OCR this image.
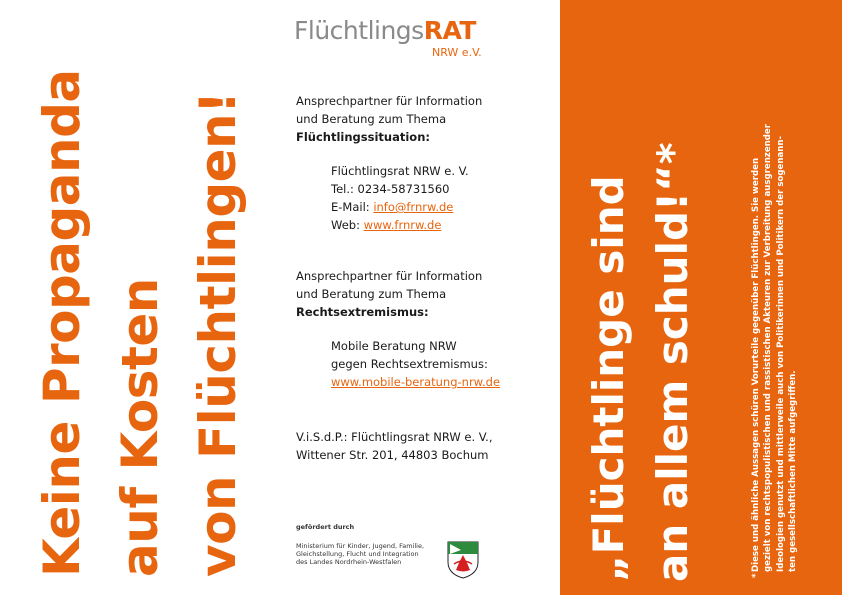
Keine Propaganda auf Kosten von Flüchtlingen!
FlüchtlingsRAT
NRW e.V.
Ansprechpartner für Information
und Beratung zum Thema
Flüchtlingssituation:
Flüchtlingsrat NRW e. V.
Tel.: 0234-58731560
E-Mail: info@frnrw.de
Web: www.frnrw.de
Ansprechpartner für Information
und Beratung zum Thema
Rechtsextremismus:
Mobile Beratung NRW
gegen Rechtsextremismus:
www.mobile-beratung-nrw.de
V.i.S.d.P.: Flüchtlingsrat NRW e. V.,
Wittener Str. 201, 44803 Bochum
gefördert durch
Ministerium für Kinder, Jugend, Familie,
Gleichstellung, Flucht und Integration
des Landes Nordrhein-Westfalen	„Flüchtlinge sind an allem schuld!“*	*
Diese und ähnliche Aussagen schüren Vorurteile gegenüber Flüchtlingen. Sie werden gezielt von rechtspopulistischen und rassistischen Akteuren zur Verbreitung ausgrenzender Ideologien genutzt und mittlerweile auch von Politikerinnen und Politikern der sogenann- ten gesellschaftlichen Mitte aufgegriffen.
